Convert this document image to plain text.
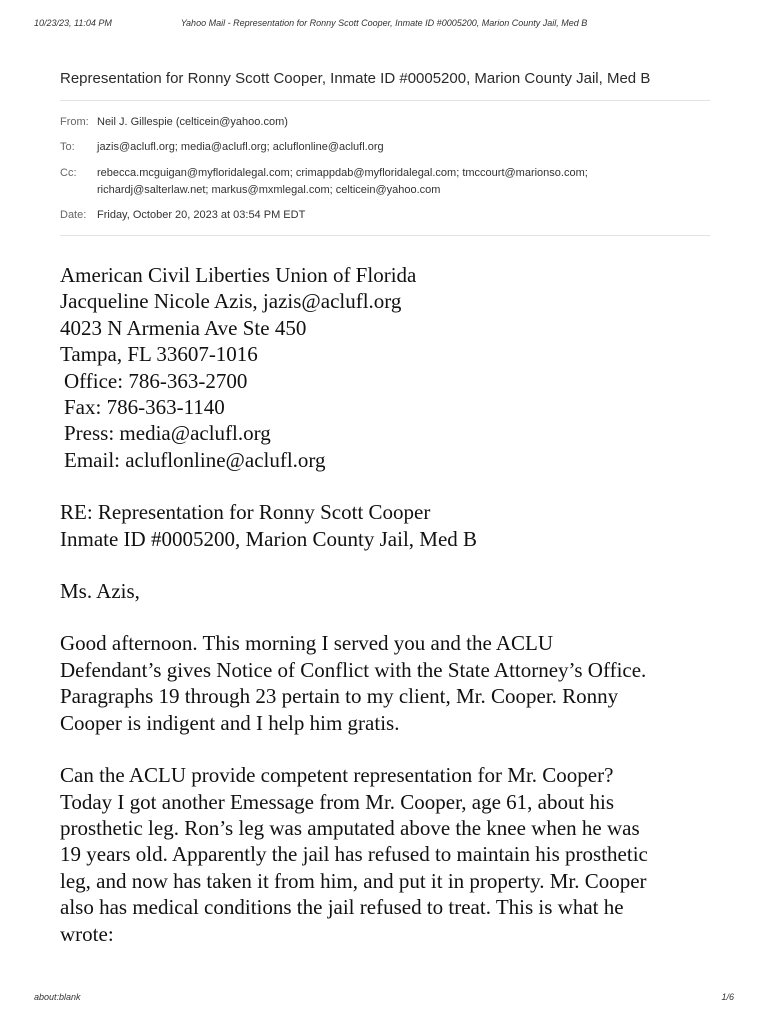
10/23/23, 11:04 PM	Yahoo Mail - Representation for Ronny Scott Cooper, Inmate ID #0005200, Marion County Jail, Med B
Representation for Ronny Scott Cooper, Inmate ID #0005200, Marion County Jail, Med B
From: Neil J. Gillespie (celticein@yahoo.com)
To: jazis@aclufl.org; media@aclufl.org; acluflonline@aclufl.org
Cc: rebecca.mcguigan@myfloridalegal.com; crimappdab@myfloridalegal.com; tmccourt@marionso.com;
richardj@salterlaw.net; markus@mxmlegal.com; celticein@yahoo.com
Date: Friday, October 20, 2023 at 03:54 PM EDT

American Civil Liberties Union of Florida

Jacqueline Nicole Azis, jazis@aclufl.org

4023 N Armenia Ave Ste 450

Tampa, FL 33607-1016

Office: 786-363-2700

Fax: 786-363-1140

Press: media@aclufl.org

Email: acluflonline@aclufl.org

RE: Representation for Ronny Scott Cooper

Inmate ID #0005200, Marion County Jail, Med B

Ms. Azis,

Good afternoon. This morning I served you and the ACLU

Defendant’s gives Notice of Conflict with the State Attorney’s Office.

Paragraphs 19 through 23 pertain to my client, Mr. Cooper. Ronny

Cooper is indigent and I help him gratis.

Can the ACLU provide competent representation for Mr. Cooper?

Today I got another Emessage from Mr. Cooper, age 61, about his

prosthetic leg. Ron’s leg was amputated above the knee when he was

19 years old. Apparently the jail has refused to maintain his prosthetic

leg, and now has taken it from him, and put it in property. Mr. Cooper

also has medical conditions the jail refused to treat. This is what he

wrote:

about:blank	1/6
